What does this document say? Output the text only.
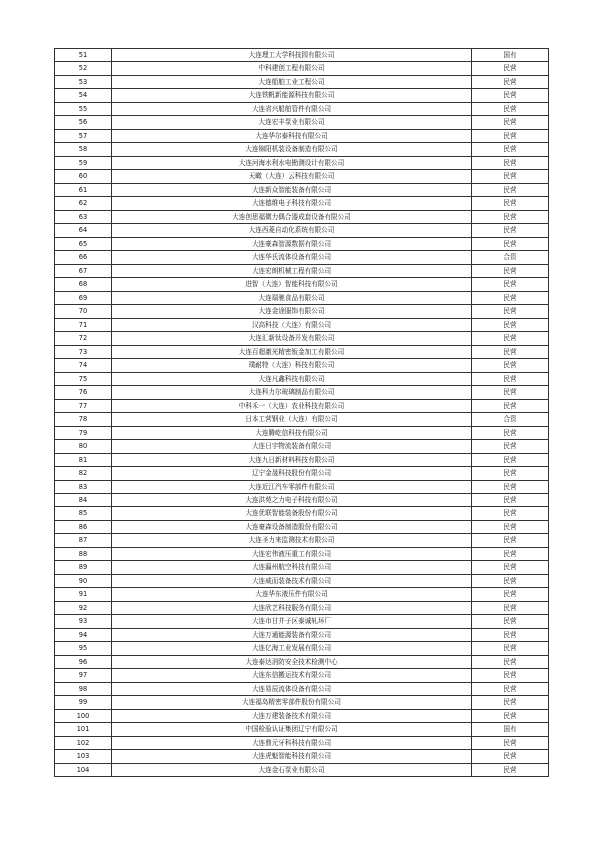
51	大连理工大学科技园有限公司	国有
52	中科建创工程有限公司	民营
53	大连船舶工业工程公司	民营
54	大连铁帆新能源科技有限公司	民营
55	大连省兴船舶管件有限公司	民营
56	大连宏丰泵业有限公司	民营
57	大连华尔泰科技有限公司	民营
58	大连锦阳机装设备制造有限公司	民营
59	大连河海水利水电勘测设计有限公司	民营
60	天瞰（大连）云科技有限公司	民营
61	大连新众智能装备有限公司	民营
62	大连德维电子科技有限公司	民营
63	大连创思福微力偶合器成套设备有限公司	民营
64	大连西菱自动化系统有限公司	民营
65	大连豪森智源数据有限公司	民营
66	大连华氏流体设备有限公司	合资
67	大连宏朗机械工程有限公司	民营
68	进智（大连）智能科技有限公司	民营
69	大连瑞驰食品有限公司	民营
70	大连金途服饰有限公司	民营
71	汉高科技（大连）有限公司	民营
72	大连汇新钛设备开发有限公司	民营
73	大连百超激光精密钣金加工有限公司	民营
74	璞耐特（大连）科技有限公司	民营
75	大连凡鑫科技有限公司	民营
76	大连科力尔玻璃制品有限公司	民营
77	中科禾一（大连）农业科技有限公司	民营
78	日本工营钢业（大连）有限公司	合资
79	大连腾屹信科技有限公司	民营
80	大连日宇物流装备有限公司	民营
81	大连九日新材料科技有限公司	民营
82	辽宁金晟科技股份有限公司	民营
83	大连近江汽车零部件有限公司	民营
84	大连洪苑之力电子科技有限公司	民营
85	大连优联智能装备股份有限公司	民营
86	大连豪森设备制造股份有限公司	民营
87	大连圣力来监测技术有限公司	民营
88	大连宏伟液压重工有限公司	民营
89	大连瀛州航空科技有限公司	民营
90	大连威而装备技术有限公司	民营
91	大连华东液压件有限公司	民营
92	大连欣艺科技服务有限公司	民营
93	大连市甘井子区泰诚轧环厂	民营
94	大连万通能源装备有限公司	民营
95	大连亿海工业发展有限公司	民营
96	大连泰达消防安全技术检测中心	民营
97	大连东信搬运技术有限公司	民营
98	大连易辰流体设备有限公司	民营
99	大连福岛精密零部件股份有限公司	民营
100	大连万建装备技术有限公司	民营
101	中国检验认证集团辽宁有限公司	国有
102	大连鼎元牙科科技有限公司	民营
103	大连虎魁智能科技有限公司	民营
104	大连金石泵业有限公司	民营
